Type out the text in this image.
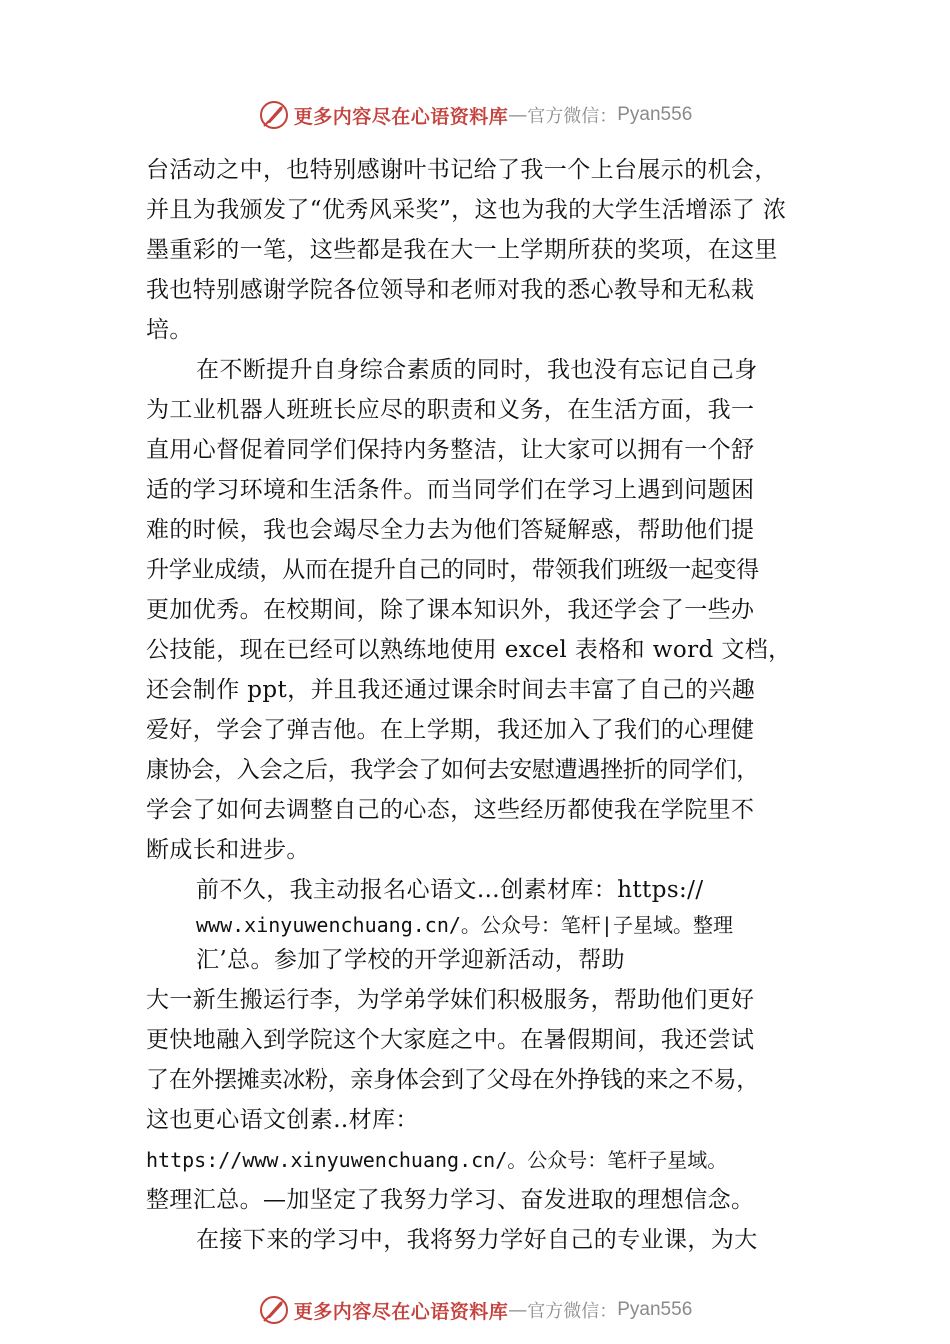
更多内容尽在心语资料库 — 官方微信： Pyan556
台活动之中，也特别感谢叶书记给了我一个上台展示的机会，
并且为我颁发了“优秀风采奖”，这也为我的大学生活增添了 浓
墨重彩的一笔，这些都是我在大一上学期所获的奖项，在这里
我也特别感谢学院各位领导和老师对我的悉心教导和无私栽
培。
在不断提升自身综合素质的同时，我也没有忘记自己身
为工业机器人班班长应尽的职责和义务，在生活方面，我一
直用心督促着同学们保持内务整洁，让大家可以拥有一个舒
适的学习环境和生活条件。而当同学们在学习上遇到问题困
难的时候，我也会竭尽全力去为他们答疑解惑，帮助他们提
升学业成绩，从而在提升自己的同时，带领我们班级一起变得
更加优秀。在校期间，除了课本知识外，我还学会了一些办
公技能，现在已经可以熟练地使用 excel 表格和 word 文档，
还会制作 ppt，并且我还通过课余时间去丰富了自己的兴趣
爱好，学会了弹吉他。在上学期，我还加入了我们的心理健
康协会，入会之后，我学会了如何去安慰遭遇挫折的同学们，
学会了如何去调整自己的心态，这些经历都使我在学院里不
断成长和进步。
前不久，我主动报名心语文…创素材库：https://
www.xinyuwenchuang.cn/。公众号：笔杆|子星域。整理
汇’总。参加了学校的开学迎新活动，帮助
大一新生搬运行李，为学弟学妹们积极服务，帮助他们更好
更快地融入到学院这个大家庭之中。在暑假期间，我还尝试
了在外摆摊卖冰粉，亲身体会到了父母在外挣钱的来之不易，
这也更心语文创素..材库：
https://www.xinyuwenchuang.cn/。公众号：笔杆子星域。
整理汇总。—加坚定了我努力学习、奋发进取的理想信念。
在接下来的学习中，我将努力学好自己的专业课，为大
更多内容尽在心语资料库 — 官方微信： Pyan556
